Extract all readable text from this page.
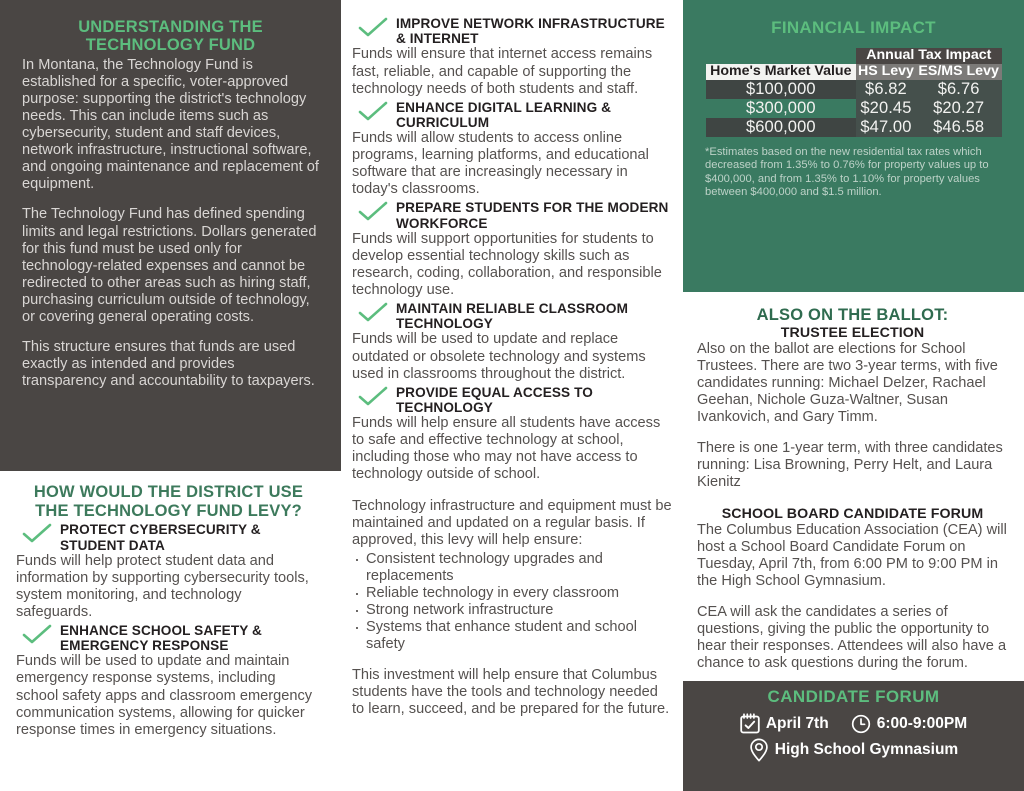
UNDERSTANDING THE TECHNOLOGY FUND

In Montana, the Technology Fund is established for a specific, voter-approved purpose: supporting the district's technology needs. This can include items such as cybersecurity, student and staff devices, network infrastructure, instructional software, and ongoing maintenance and replacement of equipment.

The Technology Fund has defined spending limits and legal restrictions. Dollars generated for this fund must be used only for technology-related expenses and cannot be redirected to other areas such as hiring staff, purchasing curriculum outside of technology, or covering general operating costs.

This structure ensures that funds are used exactly as intended and provides transparency and accountability to taxpayers.

HOW WOULD THE DISTRICT USE THE TECHNOLOGY FUND LEVY?
PROTECT CYBERSECURITY & STUDENT DATA
Funds will help protect student data and information by supporting cybersecurity tools, system monitoring, and technology safeguards.
ENHANCE SCHOOL SAFETY & EMERGENCY RESPONSE
Funds will be used to update and maintain emergency response systems, including school safety apps and classroom emergency communication systems, allowing for quicker response times in emergency situations.
IMPROVE NETWORK INFRASTRUCTURE & INTERNET
Funds will ensure that internet access remains fast, reliable, and capable of supporting the technology needs of both students and staff.
ENHANCE DIGITAL LEARNING & CURRICULUM
Funds will allow students to access online programs, learning platforms, and educational software that are increasingly necessary in today's classrooms.
PREPARE STUDENTS FOR THE MODERN WORKFORCE
Funds will support opportunities for students to develop essential technology skills such as research, coding, collaboration, and responsible technology use.
MAINTAIN RELIABLE CLASSROOM TECHNOLOGY
Funds will be used to update and replace outdated or obsolete technology and systems used in classrooms throughout the district.
PROVIDE EQUAL ACCESS TO TECHNOLOGY
Funds will help ensure all students have access to safe and effective technology at school, including those who may not have access to technology outside of school.
Technology infrastructure and equipment must be maintained and updated on a regular basis. If approved, this levy will help ensure:
· Consistent technology upgrades and replacements
· Reliable technology in every classroom
· Strong network infrastructure
· Systems that enhance student and school safety
This investment will help ensure that Columbus students have the tools and technology needed to learn, succeed, and be prepared for the future.
FINANCIAL IMPACT
	Annual Tax Impact	
Home's Market Value	HS Levy	ES/MS Levy
$100,000	$6.82	$6.76
$300,000	$20.45	$20.27
$600,000	$47.00	$46.58
*Estimates based on the new residential tax rates which decreased from 1.35% to 0.76% for property values up to $400,000, and from 1.35% to 1.10% for property values between $400,000 and $1.5 million.
ALSO ON THE BALLOT:
TRUSTEE ELECTION

Also on the ballot are elections for School Trustees. There are two 3-year terms, with five candidates running: Michael Delzer, Rachael Geehan, Nichole Guza-Waltner, Susan Ivankovich, and Gary Timm.

There is one 1-year term, with three candidates running: Lisa Browning, Perry Helt, and Laura Kienitz

SCHOOL BOARD CANDIDATE FORUM

The Columbus Education Association (CEA) will host a School Board Candidate Forum on Tuesday, April 7th, from 6:00 PM to 9:00 PM in the High School Gymnasium.

CEA will ask the candidates a series of questions, giving the public the opportunity to hear their responses. Attendees will also have a chance to ask questions during the forum.

CANDIDATE FORUM
April 7th	6:00-9:00PM
High School Gymnasium
